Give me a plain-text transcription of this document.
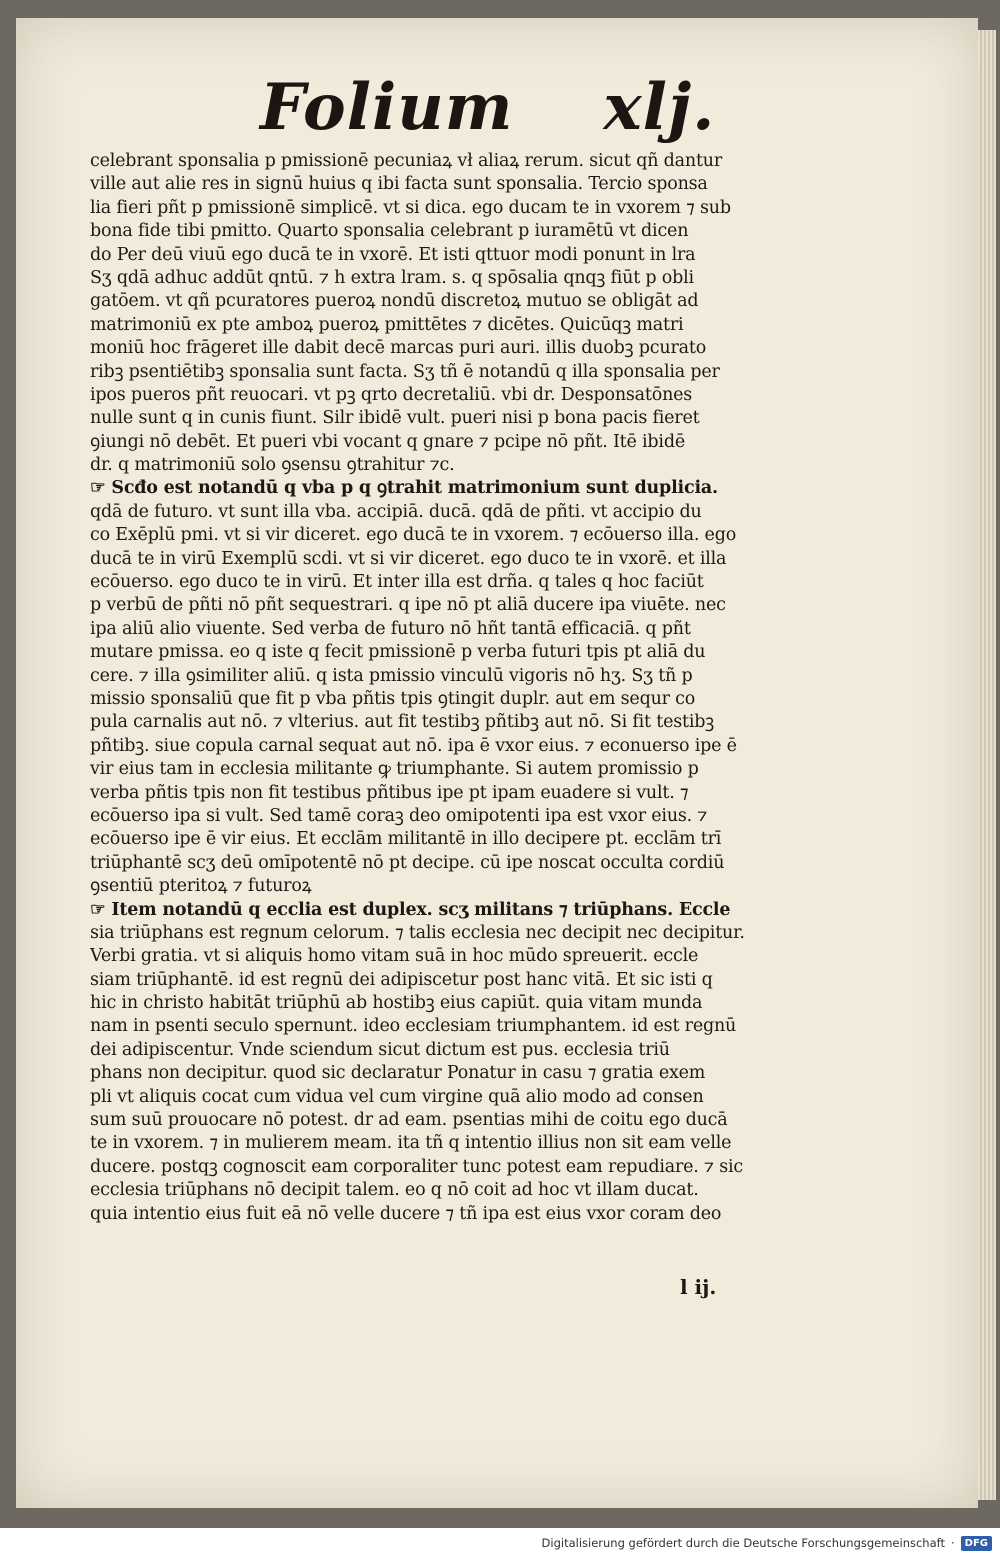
Folium xlj.
celebrant sponsalia p pmissionē pecuniaꝝ vł aliaꝝ rerum. sicut qñ dantur
ville aut alie res in signū huius q ibi facta sunt sponsalia. Tercio sponsa
lia fieri pñt p pmissionē simplicē. vt si dica. ego ducam te in vxorem ⁊ sub
bona fide tibi pmitto. Quarto sponsalia celebrant p iuramētū vt dicen
do Per deū viuū ego ducā te in vxorē. Et isti qttuor modi ponunt in lra
Sʒ qdā adhuc addūt qntū. ⁊ h extra lram. s. q spōsalia qnqꝫ fiūt p obli
gatōem. vt qñ pcuratores pueroꝝ nondū discretoꝝ mutuo se obligāt ad
matrimoniū ex pte amboꝝ pueroꝝ pmittētes ⁊ dicētes. Quicūqꝫ matri
moniū hoc frāgeret ille dabit decē marcas puri auri. illis duobꝫ pcurato
ribꝫ psentiētibꝫ sponsalia sunt facta. Sʒ tñ ē notandū q illa sponsalia per
ipos pueros pñt reuocari. vt pꝫ qrto decretaliū. vbi dr. Desponsatōnes
nulle sunt q in cunis fiunt. Silr ibidē vult. pueri nisi p bona pacis fieret
ꝯiungi nō debēt. Et pueri vbi vocant q gnare ⁊ pcipe nō pñt. Itē ibidē
dr. q matrimoniū solo ꝯsensu ꝯtrahitur ⁊c.
☞ Scđo est notandū q vba p q ꝯtrahit matrimonium sunt duplicia.
qdā de futuro. vt sunt illa vba. accipiā. ducā. qdā de pñti. vt accipio du
co Exēplū pmi. vt si vir diceret. ego ducā te in vxorem. ⁊ ecōuerso illa. ego
ducā te in virū Exemplū scdi. vt si vir diceret. ego duco te in vxorē. et illa
ecōuerso. ego duco te in virū. Et inter illa est drña. q tales q hoc faciūt
p verbū de pñti nō pñt sequestrari. q ipe nō pt aliā ducere ipa viuēte. nec
ipa aliū alio viuente. Sed verba de futuro nō hñt tantā efficaciā. q pñt
mutare pmissa. eo q iste q fecit pmissionē p verba futuri tpis pt aliā du
cere. ⁊ illa ꝯsimiliter aliū. q ista pmissio vinculū vigoris nō hʒ. Sʒ tñ p
missio sponsaliū que fit p vba pñtis tpis ꝯtingit duplr. aut em sequr co
pula carnalis aut nō. ⁊ vlterius. aut fit testibꝫ pñtibꝫ aut nō. Si fit testibꝫ
pñtibꝫ. siue copula carnal sequat aut nō. ipa ē vxor eius. ⁊ econuerso ipe ē
vir eius tam in ecclesia militante ꝙ triumphante. Si autem promissio p
verba pñtis tpis non fit testibus pñtibus ipe pt ipam euadere si vult. ⁊
ecōuerso ipa si vult. Sed tamē coraꝫ deo omipotenti ipa est vxor eius. ⁊
ecōuerso ipe ē vir eius. Et ecclām militantē in illo decipere pt. ecclām trī
triūphantē scʒ deū omīpotentē nō pt decipe. cū ipe noscat occulta cordiū
ꝯsentiū pteritoꝝ ⁊ futuroꝝ
☞ Item notandū q ecclia est duplex. scʒ militans ⁊ triūphans. Eccle
sia triūphans est regnum celorum. ⁊ talis ecclesia nec decipit nec decipitur.
Verbi gratia. vt si aliquis homo vitam suā in hoc mūdo spreuerit. eccle
siam triūphantē. id est regnū dei adipiscetur post hanc vitā. Et sic isti q
hic in christo habitāt triūphū ab hostibꝫ eius capiūt. quia vitam munda
nam in psenti seculo spernunt. ideo ecclesiam triumphantem. id est regnū
dei adipiscentur. Vnde sciendum sicut dictum est pus. ecclesia triū
phans non decipitur. quod sic declaratur Ponatur in casu ⁊ gratia exem
pli vt aliquis cocat cum vidua vel cum virgine quā alio modo ad consen
sum suū prouocare nō potest. dr ad eam. psentias mihi de coitu ego ducā
te in vxorem. ⁊ in mulierem meam. ita tñ q intentio illius non sit eam velle
ducere. postqꝫ cognoscit eam corporaliter tunc potest eam repudiare. ⁊ sic
ecclesia triūphans nō decipit talem. eo q nō coit ad hoc vt illam ducat.
quia intentio eius fuit eā nō velle ducere ⁊ tñ ipa est eius vxor coram deo
l ij.
Digitalisierung gefördert durch die Deutsche Forschungsgemeinschaft ·	DFG
